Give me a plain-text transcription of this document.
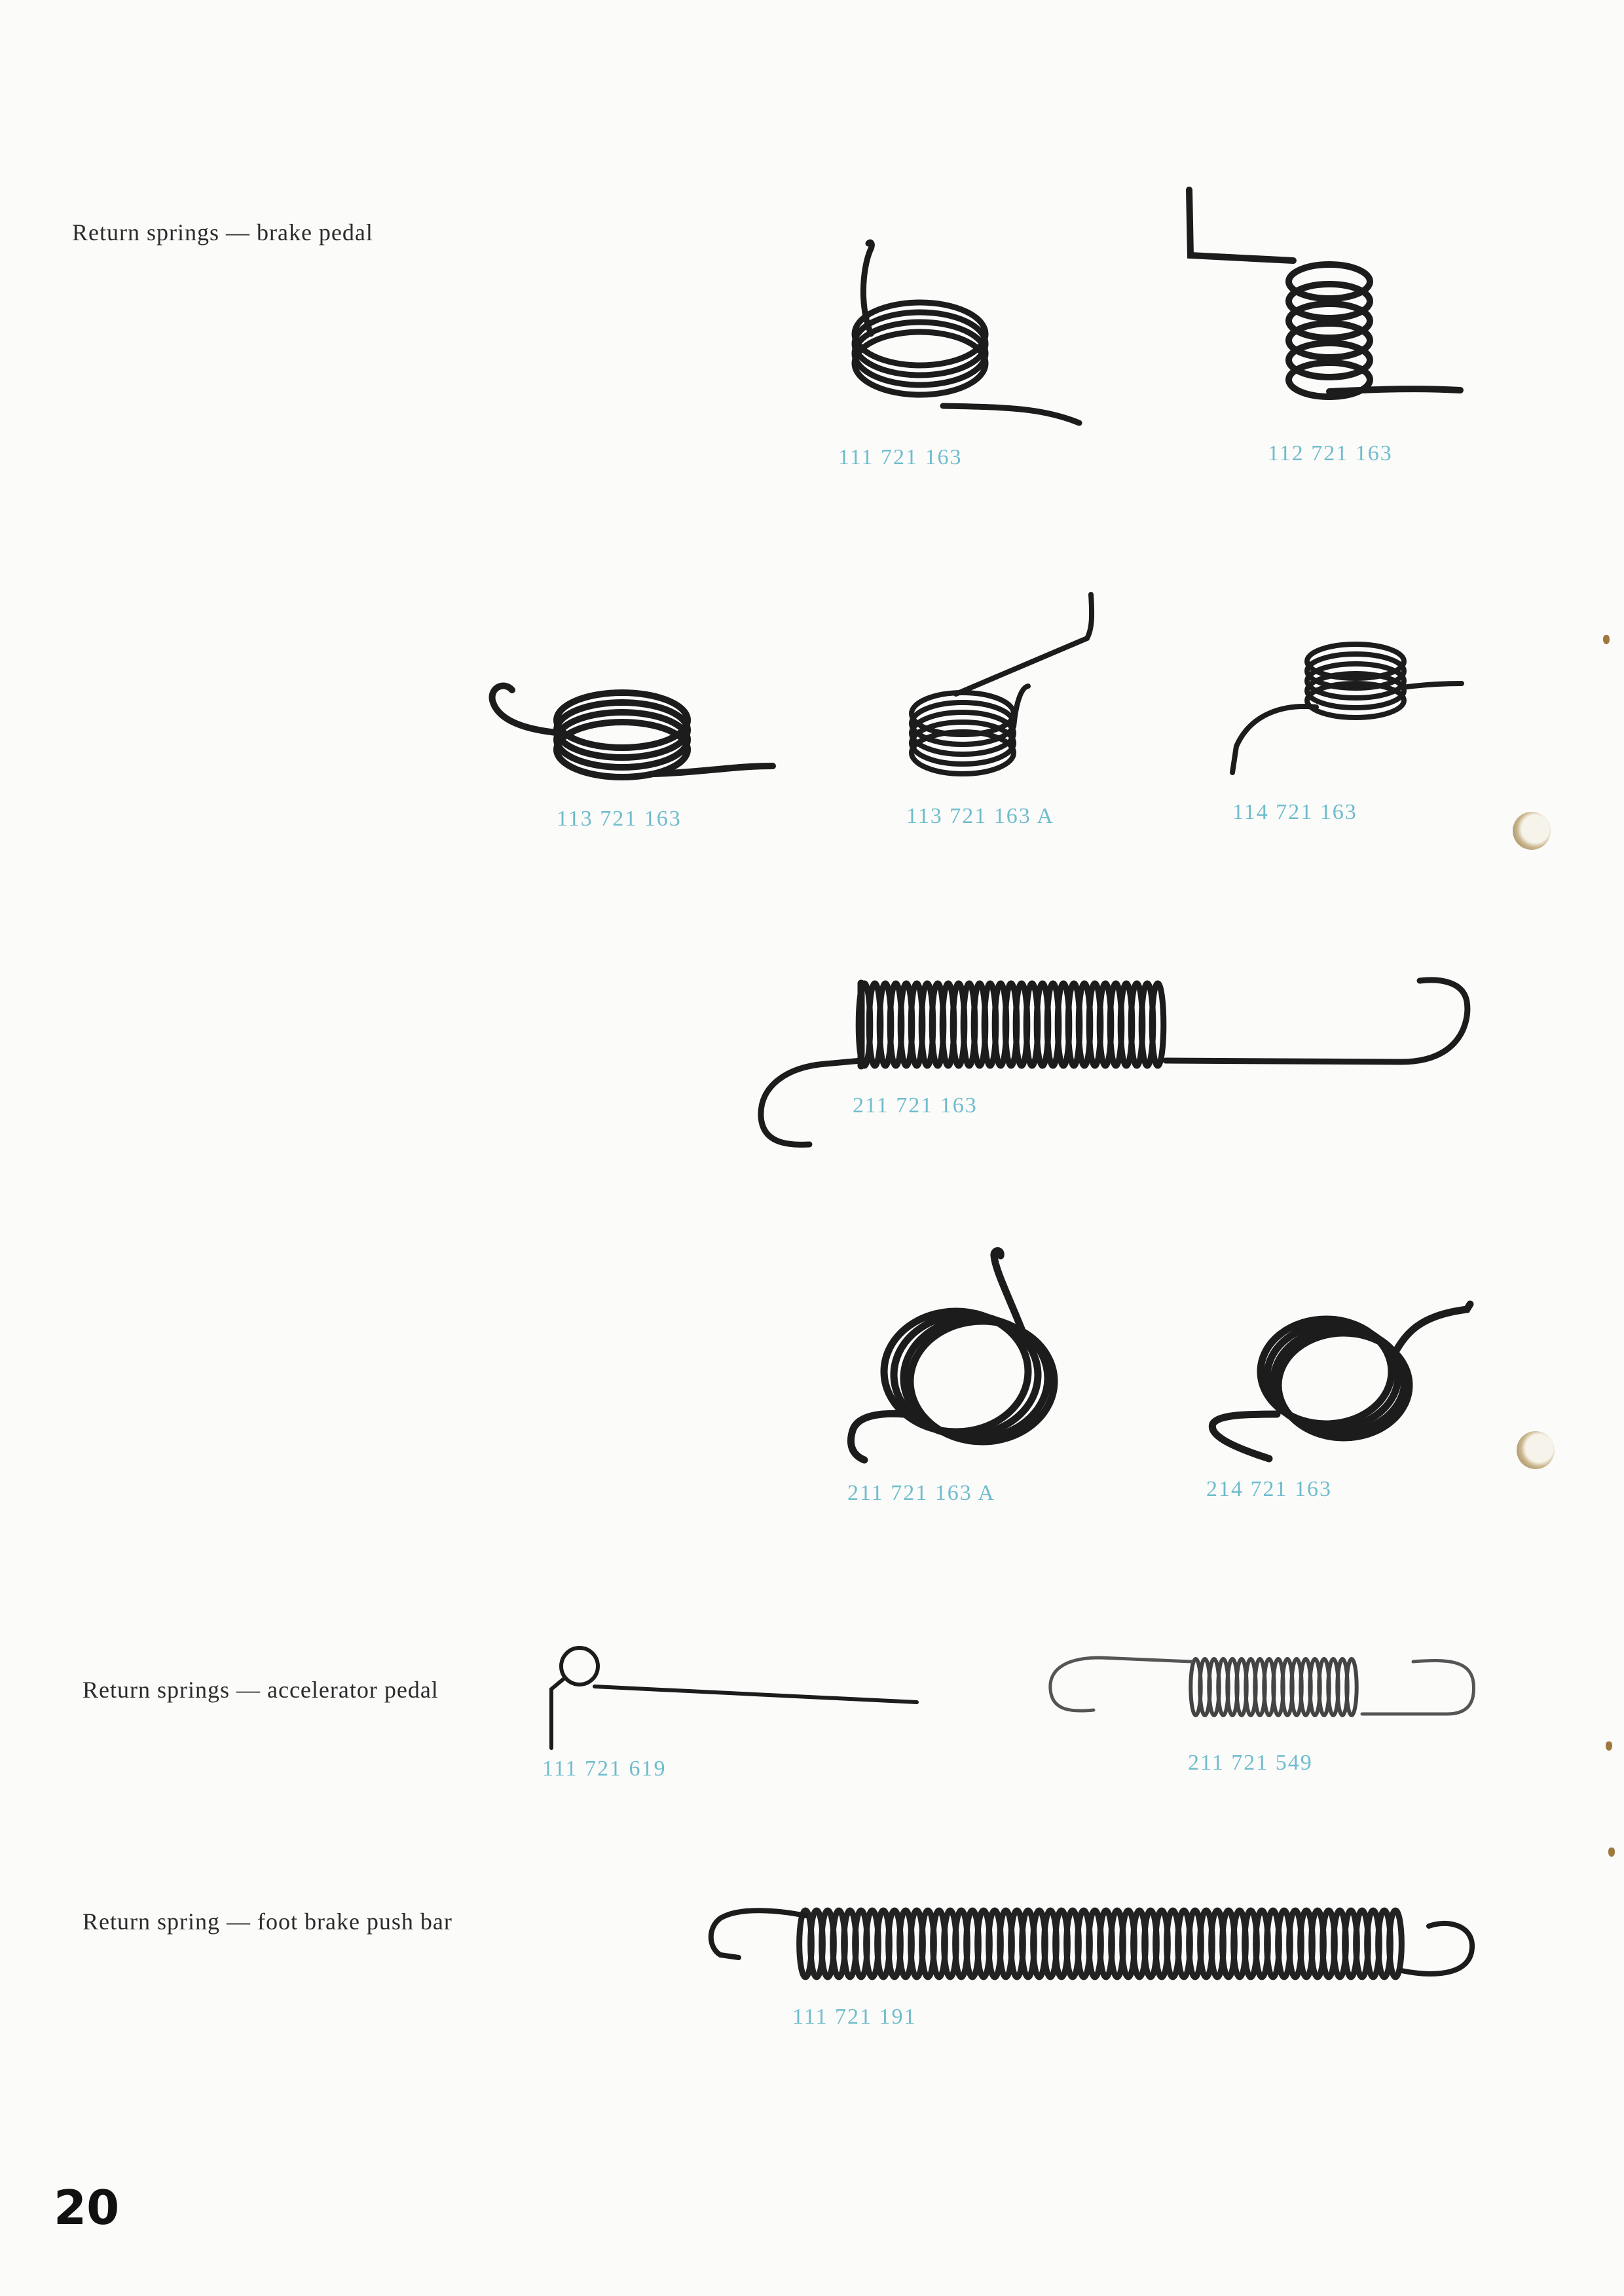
Return springs — brake pedal
Return springs — accelerator pedal
Return spring — foot brake push bar
111 721 163	112 721 163
113 721 163	113 721 163 A	114 721 163
211 721 163
211 721 163 A	214 721 163
111 721 619	211 721 549
111 721 191
20
